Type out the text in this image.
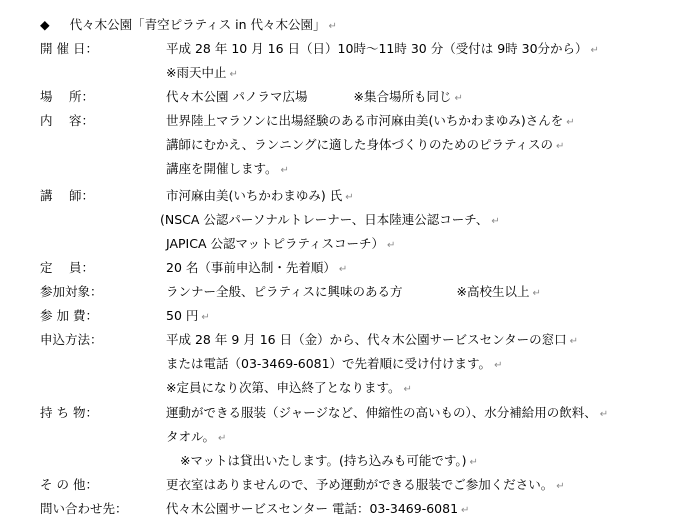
◆ 代々木公園「青空ピラティス in 代々木公園」 ↵
開 催 日：	平成 28 年 10 月 16 日（日）10時～11時 30 分（受付は 9時 30分から） ↵
※雨天中止 ↵
場　 所：	代々木公園 パノラマ広場	※集合場所も同じ ↵
内　 容：	世界陸上マラソンに出場経験のある市河麻由美(いちかわまゆみ)さんを ↵
講師にむかえ、ランニングに適した身体づくりのためのピラティスの ↵
講座を開催します。 ↵
講　 師：	市河麻由美(いちかわまゆみ) 氏 ↵
(NSCA 公認パーソナルトレーナー、日本陸連公認コーチ、 ↵
JAPICA 公認マットピラティスコーチ） ↵
定　 員：	20 名（事前申込制・先着順） ↵
参加対象：	ランナー全般、ピラティスに興味のある方	※高校生以上 ↵
参 加 費：	50 円 ↵
申込方法：	平成 28 年 9 月 16 日（金）から、代々木公園サービスセンターの窓口 ↵
または電話（03-3469-6081）で先着順に受け付けます。 ↵
※定員になり次第、申込終了となります。 ↵
持 ち 物：	運動ができる服装（ジャージなど、伸縮性の高いもの）、水分補給用の飲料、 ↵
タオル。 ↵
※マットは貸出いたします。(持ち込みも可能です。) ↵
そ の 他：	更衣室はありませんので、予め運動ができる服装でご参加ください。 ↵
問い合わせ先：	代々木公園サービスセンター 電話：03-3469-6081 ↵
